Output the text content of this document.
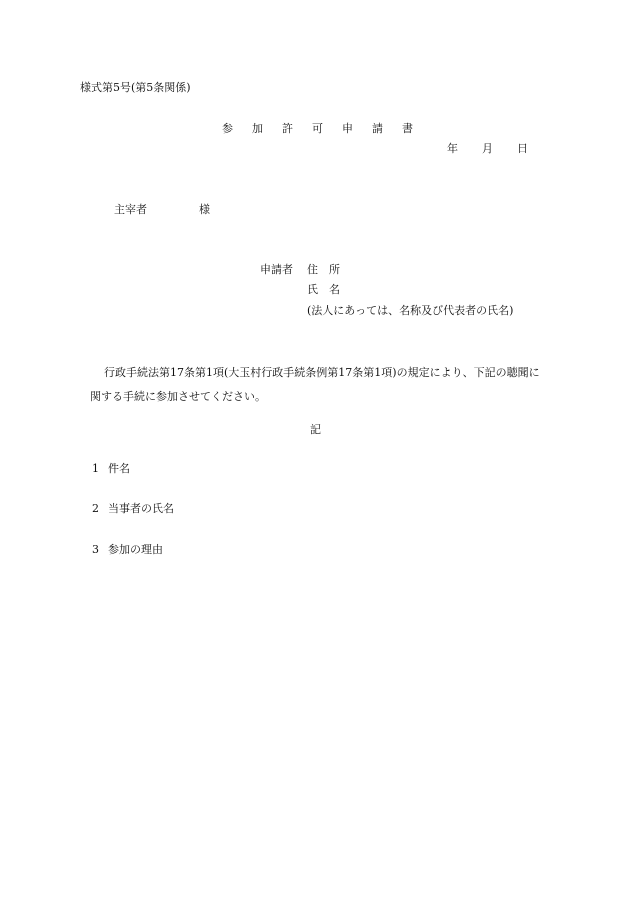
様式第5号(第5条関係)
参加許可申請書
年 月 日
主宰者	様
申請者 住所
氏名
(法人にあっては、名称及び代表者の氏名)
行政手続法第17条第1項(大玉村行政手続条例第17条第1項)の規定により、下記の聴聞に関する手続に参加させてください。
記
1 件名
2 当事者の氏名
3 参加の理由
